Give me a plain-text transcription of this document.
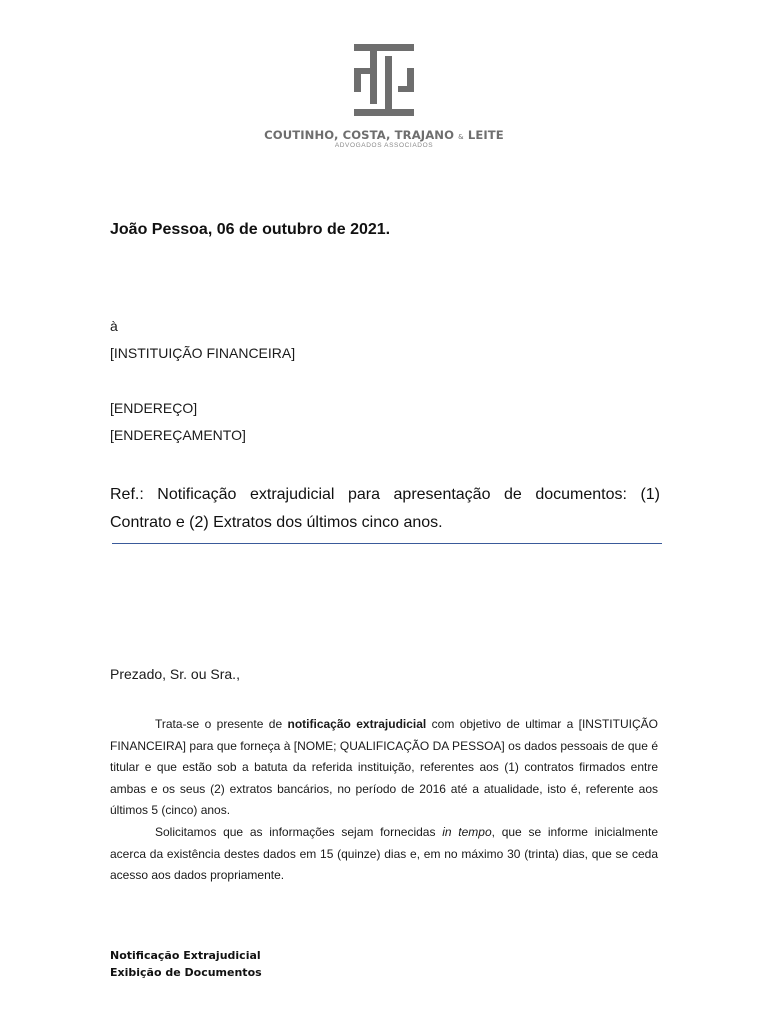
COUTINHO, COSTA, TRAJANO & LEITE
ADVOGADOS ASSOCIADOS
João Pessoa, 06 de outubro de 2021.
à
[INSTITUIÇÃO FINANCEIRA]
[ENDEREÇO]
[ENDEREÇAMENTO]
Ref.: Notificação extrajudicial para apresentação de documentos: (1) Contrato e (2) Extratos dos últimos cinco anos.
Prezado, Sr. ou Sra.,

Trata-se o presente de notificação extrajudicial com objetivo de ultimar a [INSTITUIÇÃO FINANCEIRA] para que forneça à [NOME; QUALIFICAÇÃO DA PESSOA] os dados pessoais de que é titular e que estão sob a batuta da referida instituição, referentes aos (1) contratos firmados entre ambas e os seus (2) extratos bancários, no período de 2016 até a atualidade, isto é, referente aos últimos 5 (cinco) anos.

Solicitamos que as informações sejam fornecidas in tempo, que se informe inicialmente acerca da existência destes dados em 15 (quinze) dias e, em no máximo 30 (trinta) dias, que se ceda acesso aos dados propriamente.

Notificação Extrajudicial
Exibição de Documentos
